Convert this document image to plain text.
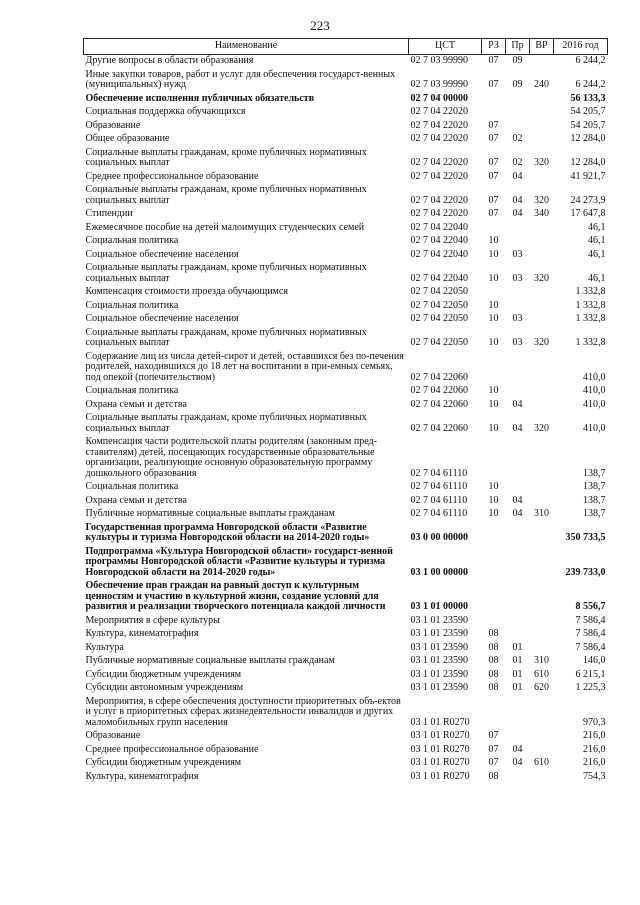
223
Наименование	ЦСТ	РЗ	Пр	ВР	2016 год
Другие вопросы в области образования	02 7 03 99990	07	09		6 244,2
Иные закупки товаров, работ и услуг для обеспечения государст-венных (муниципальных) нужд	02 7 03 99990	07	09	240	6 244,2
Обеспечение исполнения публичных обязательств	02 7 04 00000				56 133,3
Социальная поддержка обучающихся	02 7 04 22020				54 205,7
Образование	02 7 04 22020	07			54 205,7
Общее образование	02 7 04 22020	07	02		12 284,0
Социальные выплаты гражданам, кроме публичных нормативных социальных выплат	02 7 04 22020	07	02	320	12 284,0
Среднее профессиональное образование	02 7 04 22020	07	04		41 921,7
Социальные выплаты гражданам, кроме публичных нормативных социальных выплат	02 7 04 22020	07	04	320	24 273,9
Стипендии	02 7 04 22020	07	04	340	17 647,8
Ежемесячное пособие на детей малоимущих студенческих семей	02 7 04 22040				46,1
Социальная политика	02 7 04 22040	10			46,1
Социальное обеспечение населения	02 7 04 22040	10	03		46,1
Социальные выплаты гражданам, кроме публичных нормативных социальных выплат	02 7 04 22040	10	03	320	46,1
Компенсация стоимости проезда обучающимся	02 7 04 22050				1 332,8
Социальная политика	02 7 04 22050	10			1 332,8
Социальное обеспечение населения	02 7 04 22050	10	03		1 332,8
Социальные выплаты гражданам, кроме публичных нормативных социальных выплат	02 7 04 22050	10	03	320	1 332,8
Содержание лиц из числа детей-сирот и детей, оставшихся без по-печения родителей, находившихся до 18 лет на воспитании в при-емных семьях, под опекой (попечительством)	02 7 04 22060				410,0
Социальная политика	02 7 04 22060	10			410,0
Охрана семьи и детства	02 7 04 22060	10	04		410,0
Социальные выплаты гражданам, кроме публичных нормативных социальных выплат	02 7 04 22060	10	04	320	410,0
Компенсация части родительской платы родителям (законным пред-ставителям) детей, посещающих государственные образовательные организации, реализующие основную образовательную программу дошкольного образования	02 7 04 61110				138,7
Социальная политика	02 7 04 61110	10			138,7
Охрана семьи и детства	02 7 04 61110	10	04		138,7
Публичные нормативные социальные выплаты гражданам	02 7 04 61110	10	04	310	138,7
Государственная программа Новгородской области «Развитие культуры и туризма Новгородской области на 2014-2020 годы»	03 0 00 00000				350 733,5
Подпрограмма «Культура Новгородской области» государст-венной программы Новгородской области «Развитие культуры и туризма Новгородской области на 2014-2020 годы»	03 1 00 00000				239 733,0
Обеспечение прав граждан на равный доступ к культурным ценностям и участию в культурной жизни, создание условий для развития и реализации творческого потенциала каждой личности	03 1 01 00000				8 556,7
Мероприятия в сфере культуры	03 1 01 23590				7 586,4
Культура, кинематография	03 1 01 23590	08			7 586,4
Культура	03 1 01 23590	08	01		7 586,4
Публичные нормативные социальные выплаты гражданам	03 1 01 23590	08	01	310	146,0
Субсидии бюджетным учреждениям	03 1 01 23590	08	01	610	6 215,1
Субсидии автономным учреждениям	03 1 01 23590	08	01	620	1 225,3
Мероприятия, в сфере обеспечения доступности приоритетных объ-ектов и услуг в приоритетных сферах жизнедеятельности инвалидов и других маломобильных групп населения	03 1 01 R0270				970,3
Образование	03 1 01 R0270	07			216,0
Среднее профессиональное образование	03 1 01 R0270	07	04		216,0
Субсидии бюджетным учреждениям	03 1 01 R0270	07	04	610	216,0
Культура, кинематография	03 1 01 R0270	08			754,3
